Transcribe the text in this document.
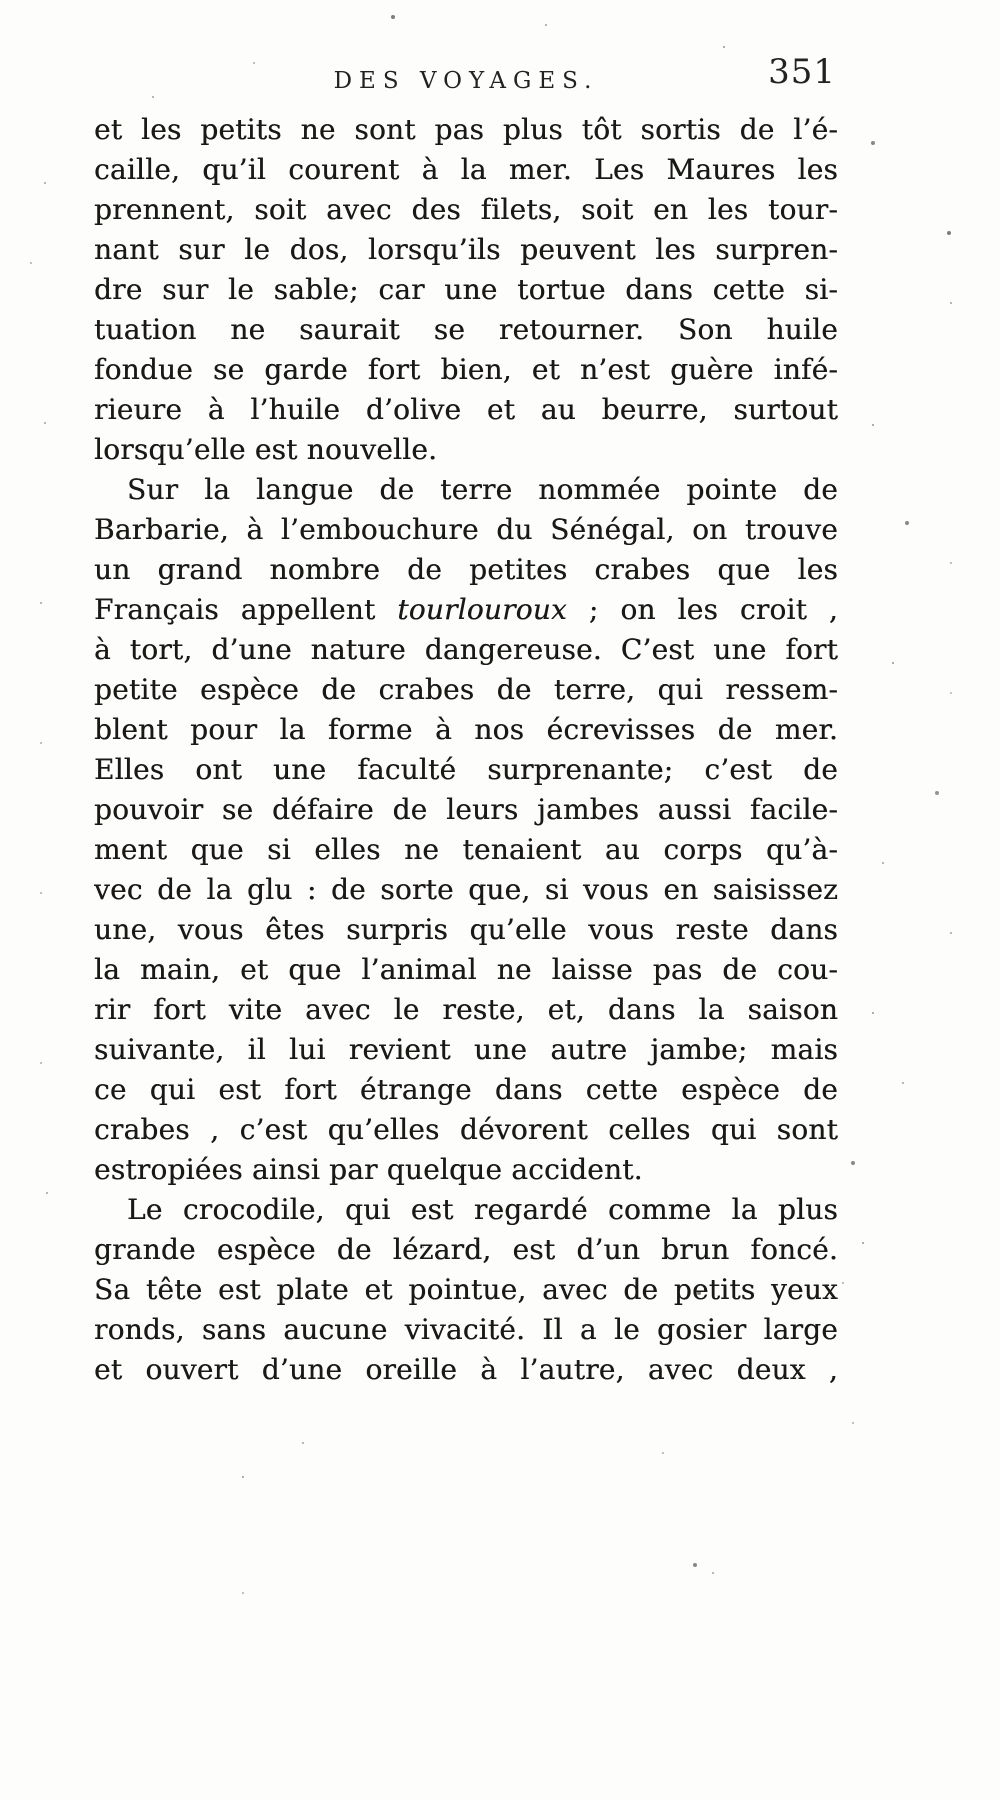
DES VOYAGES.	351
et les petits ne sont pas plus tôt sortis de l’é-
caille, qu’il courent à la mer. Les Maures les
prennent, soit avec des filets, soit en les tour-
nant sur le dos, lorsqu’ils peuvent les surpren-
dre sur le sable; car une tortue dans cette si-
tuation ne saurait se retourner. Son huile
fondue se garde fort bien, et n’est guère infé-
rieure à l’huile d’olive et au beurre, surtout
lorsqu’elle est nouvelle.
Sur la langue de terre nommée pointe de
Barbarie, à l’embouchure du Sénégal, on trouve
un grand nombre de petites crabes que les
Français appellent tourlouroux ; on les croit ,
à tort, d’une nature dangereuse. C’est une fort
petite espèce de crabes de terre, qui ressem-
blent pour la forme à nos écrevisses de mer.
Elles ont une faculté surprenante; c’est de
pouvoir se défaire de leurs jambes aussi facile-
ment que si elles ne tenaient au corps qu’à-
vec de la glu : de sorte que, si vous en saisissez
une, vous êtes surpris qu’elle vous reste dans
la main, et que l’animal ne laisse pas de cou-
rir fort vite avec le reste, et, dans la saison
suivante, il lui revient une autre jambe; mais
ce qui est fort étrange dans cette espèce de
crabes , c’est qu’elles dévorent celles qui sont
estropiées ainsi par quelque accident.
Le crocodile, qui est regardé comme la plus
grande espèce de lézard, est d’un brun foncé.
Sa tête est plate et pointue, avec de petits yeux
ronds, sans aucune vivacité. Il a le gosier large
et ouvert d’une oreille à l’autre, avec deux ,
